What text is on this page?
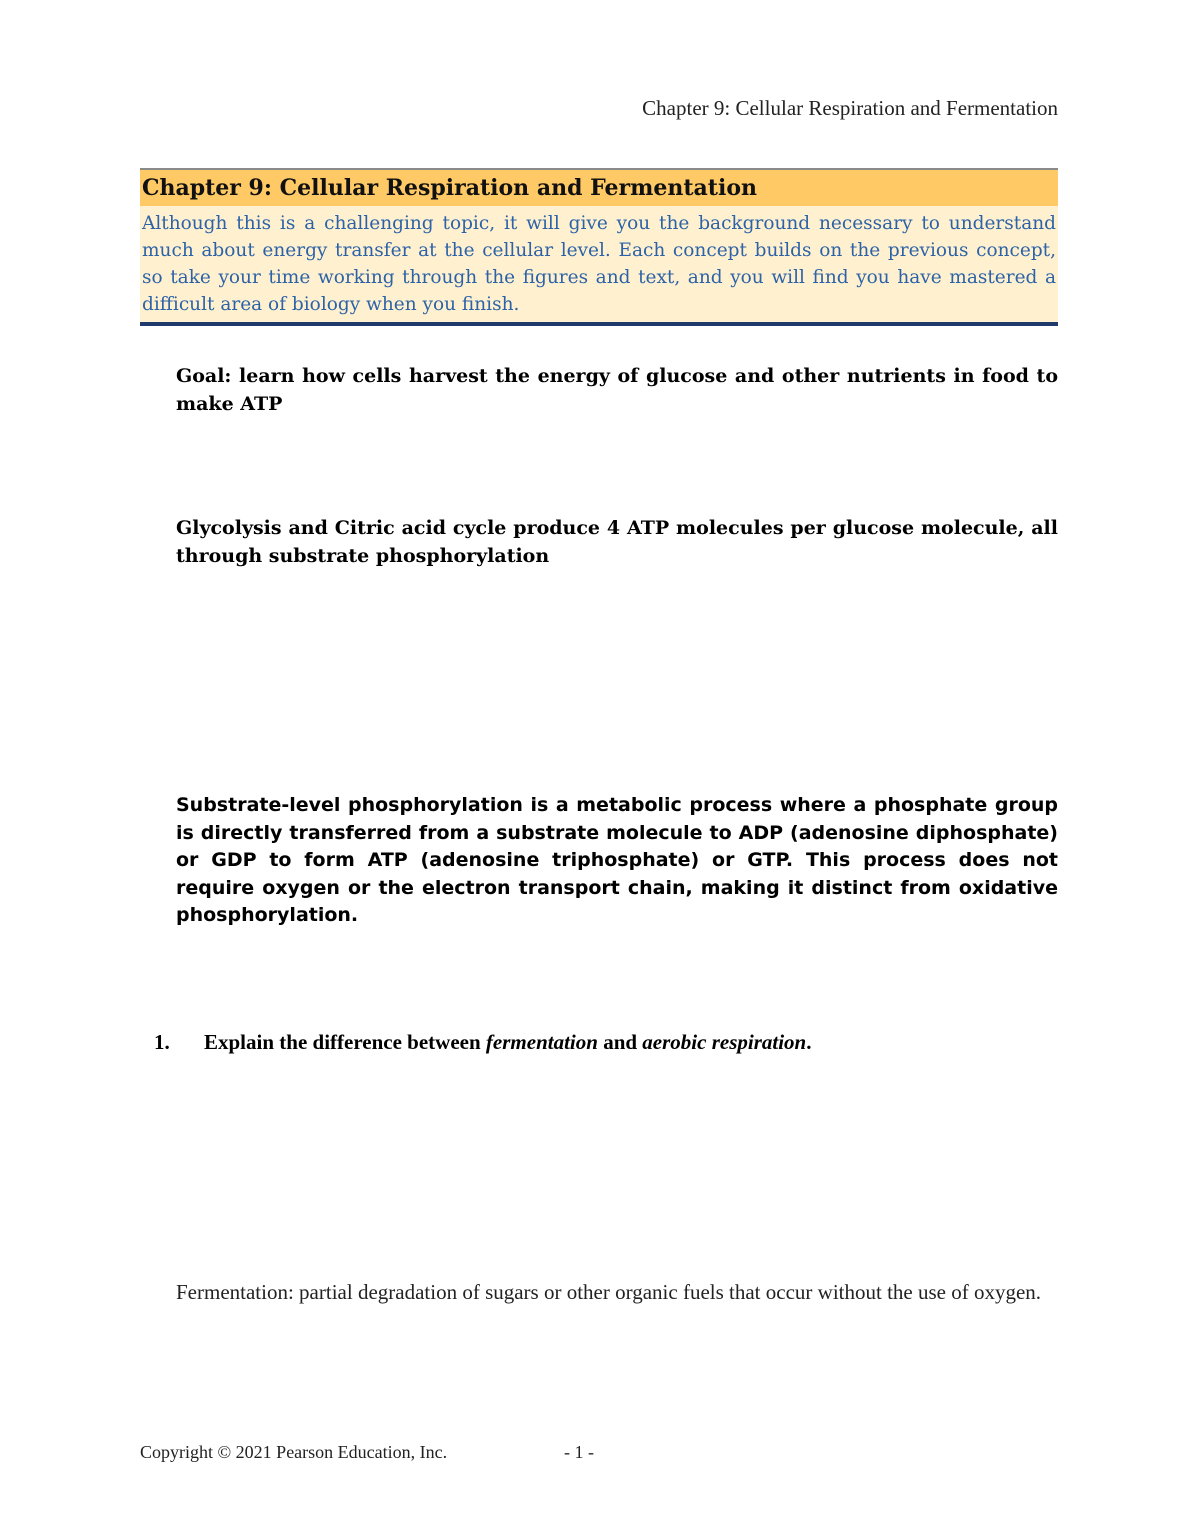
Chapter 9: Cellular Respiration and Fermentation
Chapter 9: Cellular Respiration and Fermentation
Although this is a challenging topic, it will give you the background necessary to understand much about energy transfer at the cellular level. Each concept builds on the previous concept, so take your time working through the figures and text, and you will find you have mastered a difficult area of biology when you finish.
Goal: learn how cells harvest the energy of glucose and other nutrients in food to make ATP
Glycolysis and Citric acid cycle produce 4 ATP molecules per glucose molecule, all through substrate phosphorylation
Substrate-level phosphorylation is a metabolic process where a phosphate group is directly transferred from a substrate molecule to ADP (adenosine diphosphate) or GDP to form ATP (adenosine triphosphate) or GTP. This process does not require oxygen or the electron transport chain, making it distinct from oxidative phosphorylation.
1. Explain the difference between fermentation and aerobic respiration.
Fermentation: partial degradation of sugars or other organic fuels that occur without the use of oxygen.
Copyright © 2021 Pearson Education, Inc.	- 1 -
